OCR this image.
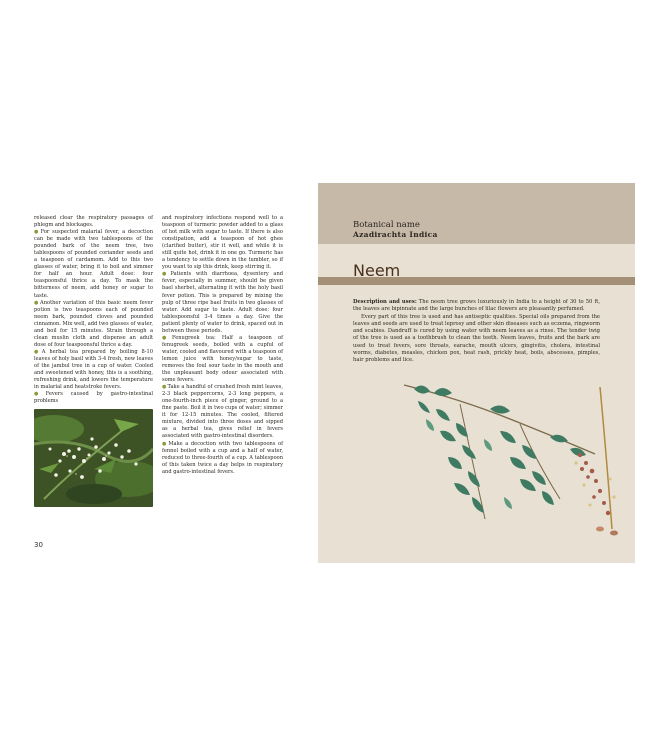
released clear the respiratory passages of phlegm and blockages.

● For suspected malarial fever, a decoction can be made with two tablespoons of the pounded bark of the neem tree, two tablespoons of pounded coriander seeds and a teaspoon of cardamom. Add to this two glasses of water, bring it to boil and simmer for half an hour. Adult dose: four teaspoonsful thrice a day. To mask the bitterness of neem, add honey or sugar to taste.

● Another variation of this basic neem fever potion is two teaspoons each of pounded neem bark, pounded cloves and pounded cinnamon. Mix well, add two glasses of water, and boil for 15 minutes. Strain through a clean muslin cloth and dispense an adult dose of four teaspoonsful thrice a day.

● A herbal tea prepared by boiling 8-10 leaves of holy basil with 3-4 fresh, new leaves of the jambul tree in a cup of water. Cooled and sweetened with honey, this is a soothing, refreshing drink, and lowers the temperature in malarial and heatstroke fevers.

● Fevers caused by gastro-intestinal problems

and respiratory infections respond well to a teaspoon of turmeric powder added to a glass of hot milk with sugar to taste. If there is also constipation, add a teaspoon of hot ghee (clarified butter), stir it well, and while it is still quite hot, drink it in one go. Turmeric has a tendency to settle down in the tumbler, so if you want to sip this drink, keep stirring it.

● Patients with diarrhoea, dysentery and fever, especially in summer, should be given bael sherbet, alternating it with the holy basil fever potion. This is prepared by mixing the pulp of three ripe bael fruits in two glasses of water. Add sugar to taste. Adult dose: four tablespoonsful 3-4 times a day. Give the patient plenty of water to drink, spaced out in between these periods.

● Fenugreek tea: Half a teaspoon of fenugreek seeds, boiled with a cupful of water, cooled and flavoured with a teaspoon of lemon juice with honey/sugar to taste, removes the foul sour taste in the mouth and the unpleasant body odour associated with some fevers.

● Take a handful of crushed fresh mint leaves, 2-3 black peppercorns, 2-3 long peppers, a one-fourth-inch piece of ginger, ground to a fine paste. Boil it in two cups of water; simmer it for 12-15 minutes. The cooled, filtered mixture, divided into three doses and sipped as a herbal tea, gives relief in fevers associated with gastro-intestinal disorders.

● Make a decoction with two tablespoons of fennel boiled with a cup and a half of water, reduced to three-fourth of a cup. A tablespoon of this taken twice a day helps in respiratory and gastro-intestinal fevers.

30
Botanical name
Azadirachta Indica
Neem

Description and uses: The neem tree grows luxuriously in India to a height of 30 to 50 ft, the leaves are bipinnate and the large bunches of lilac flowers are pleasantly perfumed.

Every part of this tree is used and has antiseptic qualities. Special oils prepared from the leaves and seeds are used to treat leprosy and other skin diseases such as eczema, ringworm and scabies. Dandruff is cured by using water with neem leaves as a rinse. The tender twig of the tree is used as a toothbrush to clean the teeth. Neem leaves, fruits and the bark are used to treat fevers, sore throats, earache, mouth ulcers, gingivitis, cholera, intestinal worms, diabetes, measles, chicken pox, heat rash, prickly heat, boils, abscesses, pimples, hair problems and lice.
